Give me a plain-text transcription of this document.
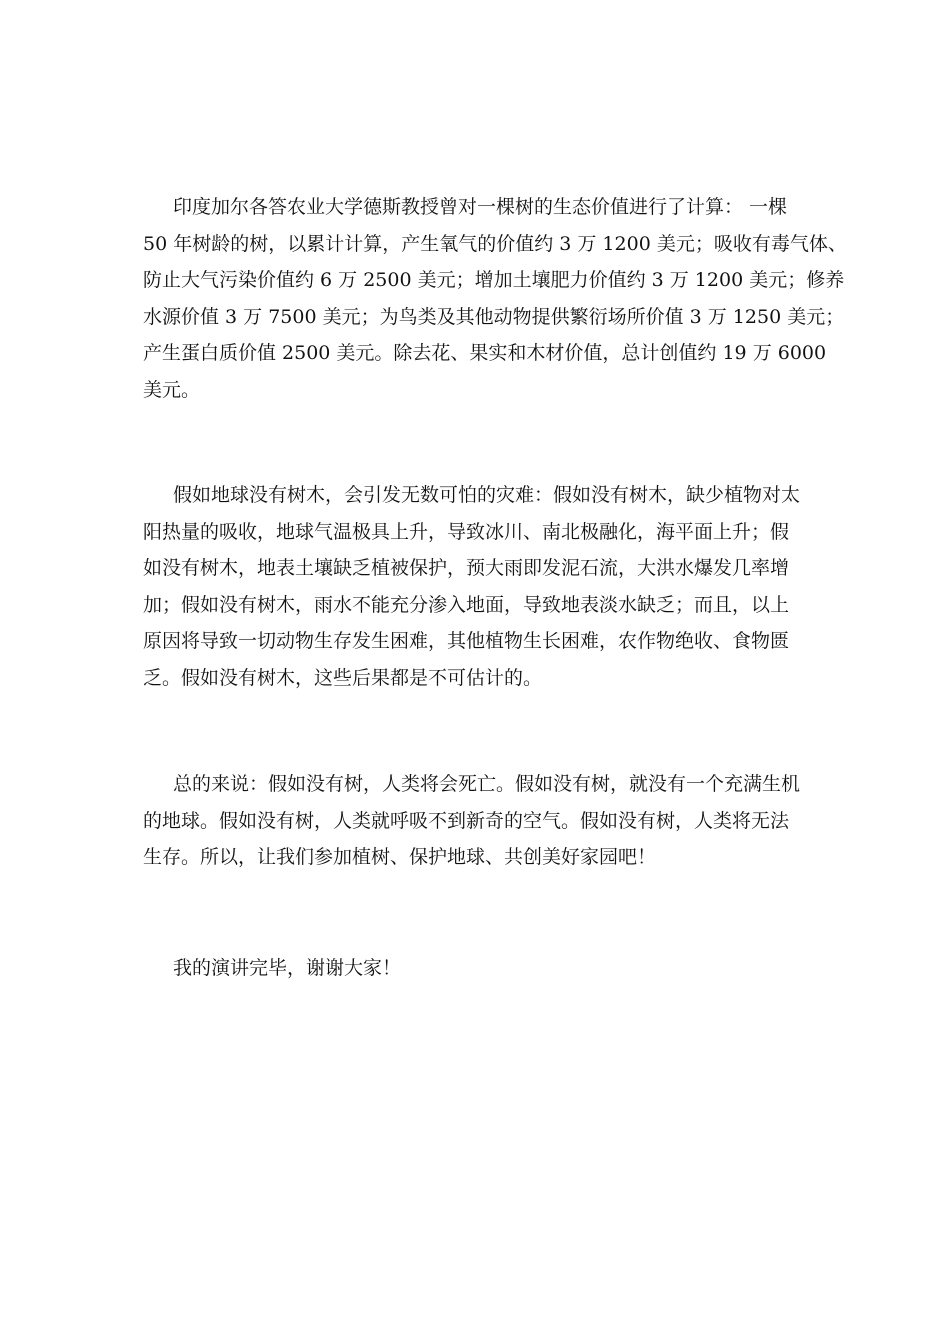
印度加尔各答农业大学德斯教授曾对一棵树的生态价值进行了计算： 一棵
50 年树龄的树，以累计计算，产生氧气的价值约 3 万 1200 美元；吸收有毒气体、
防止大气污染价值约 6 万 2500 美元；增加土壤肥力价值约 3 万 1200 美元；修养
水源价值 3 万 7500 美元；为鸟类及其他动物提供繁衍场所价值 3 万 1250 美元；
产生蛋白质价值 2500 美元。除去花、果实和木材价值，总计创值约 19 万 6000
美元。

假如地球没有树木，会引发无数可怕的灾难：假如没有树木，缺少植物对太
阳热量的吸收，地球气温极具上升，导致冰川、南北极融化，海平面上升；假
如没有树木，地表土壤缺乏植被保护，预大雨即发泥石流，大洪水爆发几率增
加；假如没有树木，雨水不能充分渗入地面，导致地表淡水缺乏；而且，以上
原因将导致一切动物生存发生困难，其他植物生长困难，农作物绝收、食物匮
乏。假如没有树木，这些后果都是不可估计的。

总的来说：假如没有树，人类将会死亡。假如没有树，就没有一个充满生机
的地球。假如没有树，人类就呼吸不到新奇的空气。假如没有树，人类将无法
生存。所以，让我们参加植树、保护地球、共创美好家园吧！

我的演讲完毕，谢谢大家！
